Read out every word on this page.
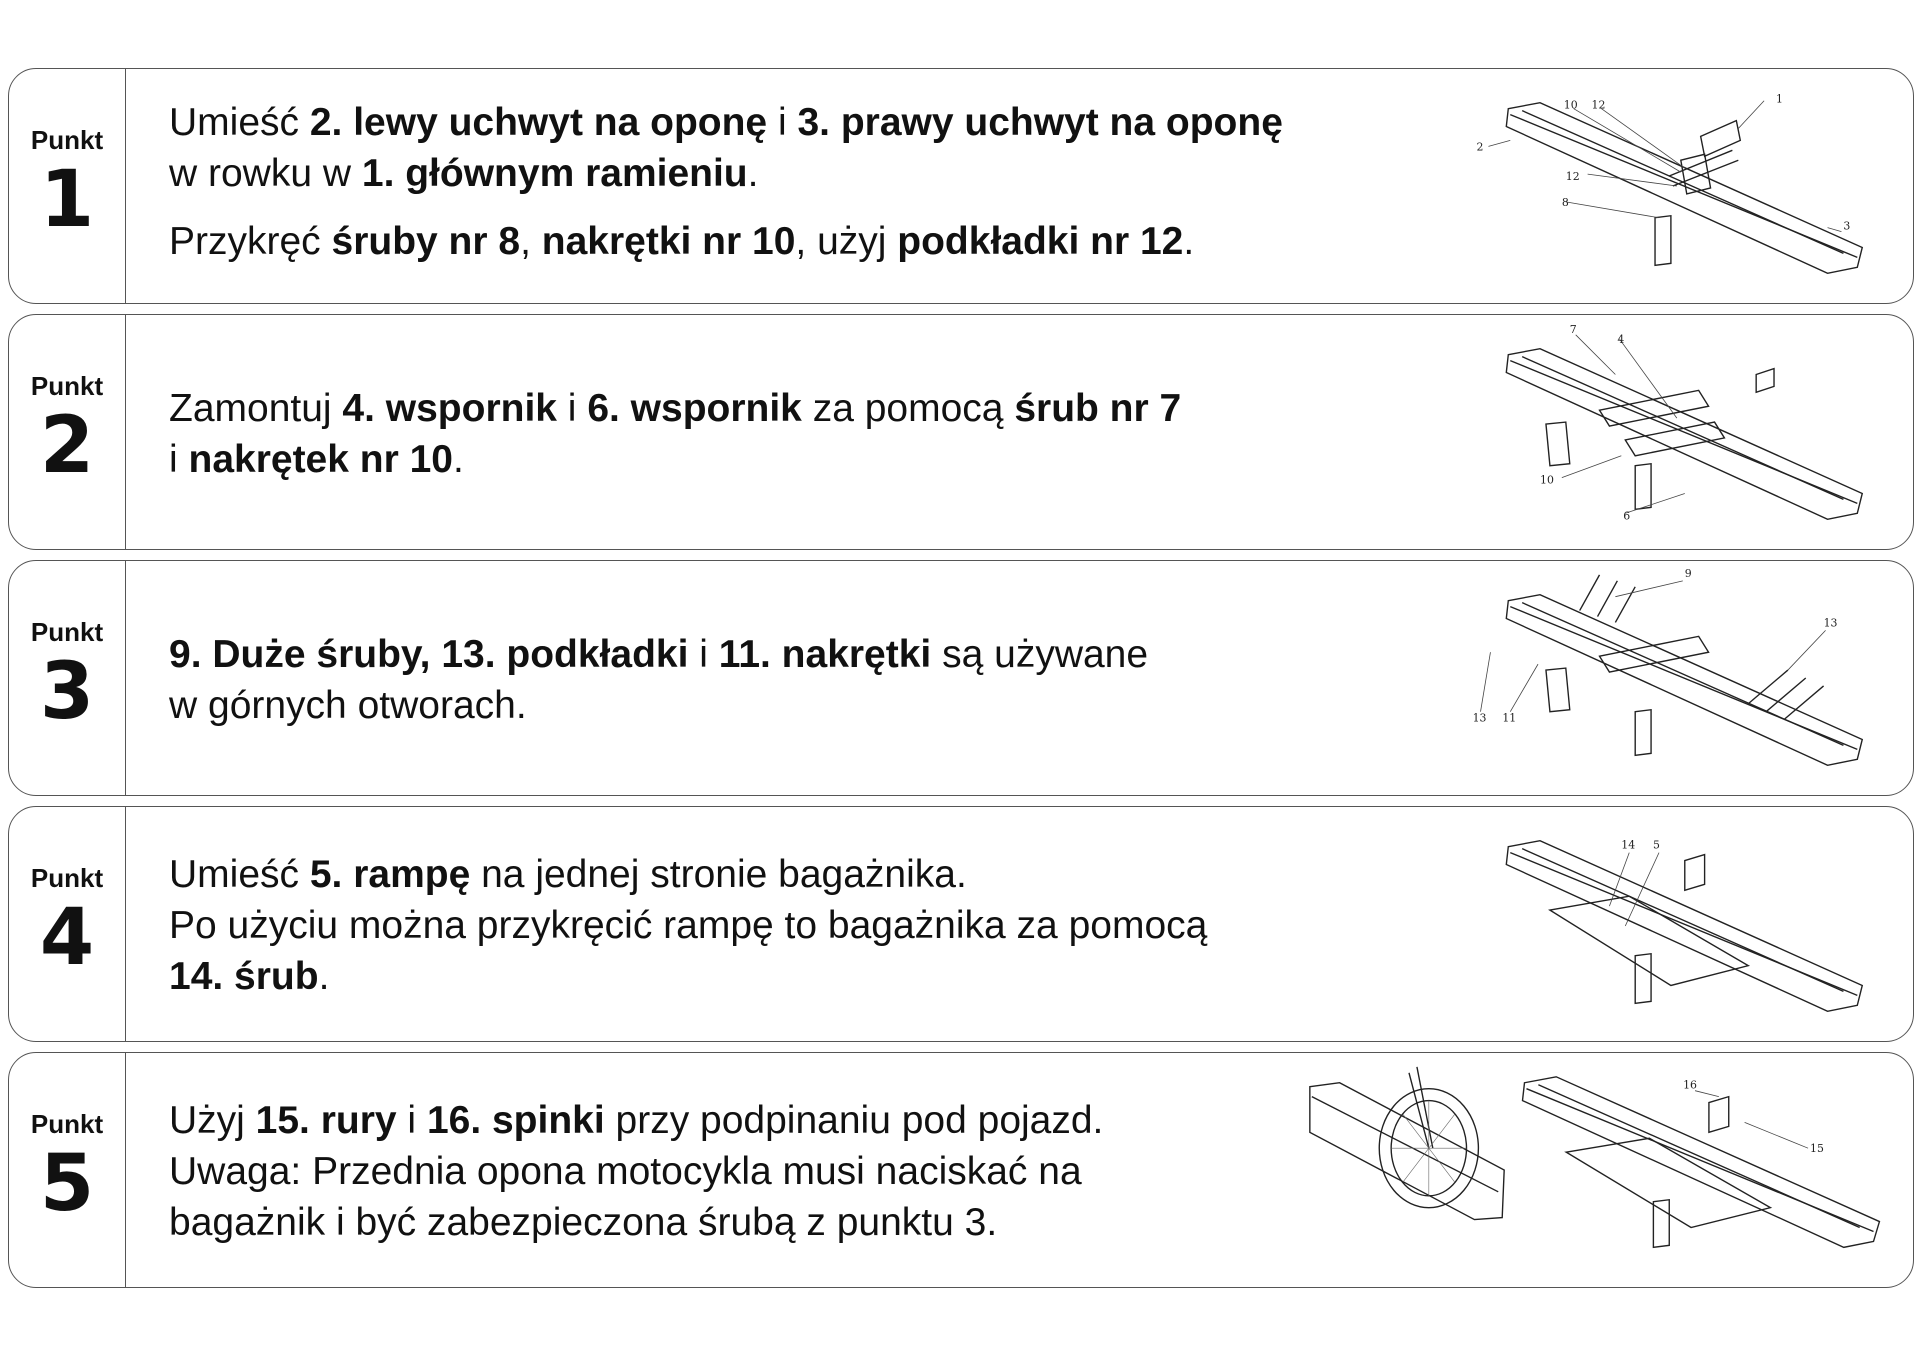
Punkt
1

Umieść 2. lewy uchwyt na oponę i 3. prawy uchwyt na oponę

w rowku w 1. głównym ramieniu.

Przykręć śruby nr 8, nakrętki nr 10, użyj podkładki nr 12.

2
1
3
8
10 12
12
Punkt
2	Zamontuj 4. wspornik i 6. wspornik za pomocą śrub nr 7

i nakrętek nr 10.

7
4
10
6
Punkt
3	9. Duże śruby, 13. podkładki i 11. nakrętki są używane

w górnych otworach.

9
13 11
13
Punkt
4

Umieść 5. rampę na jednej stronie bagażnika.

Po użyciu można przykręcić rampę to bagażnika za pomocą

14. śrub.

14 5
Punkt
5

Użyj 15. rury i 16. spinki przy podpinaniu pod pojazd.

Uwaga: Przednia opona motocykla musi naciskać na

bagażnik i być zabezpieczona śrubą z punktu 3.

16
15
